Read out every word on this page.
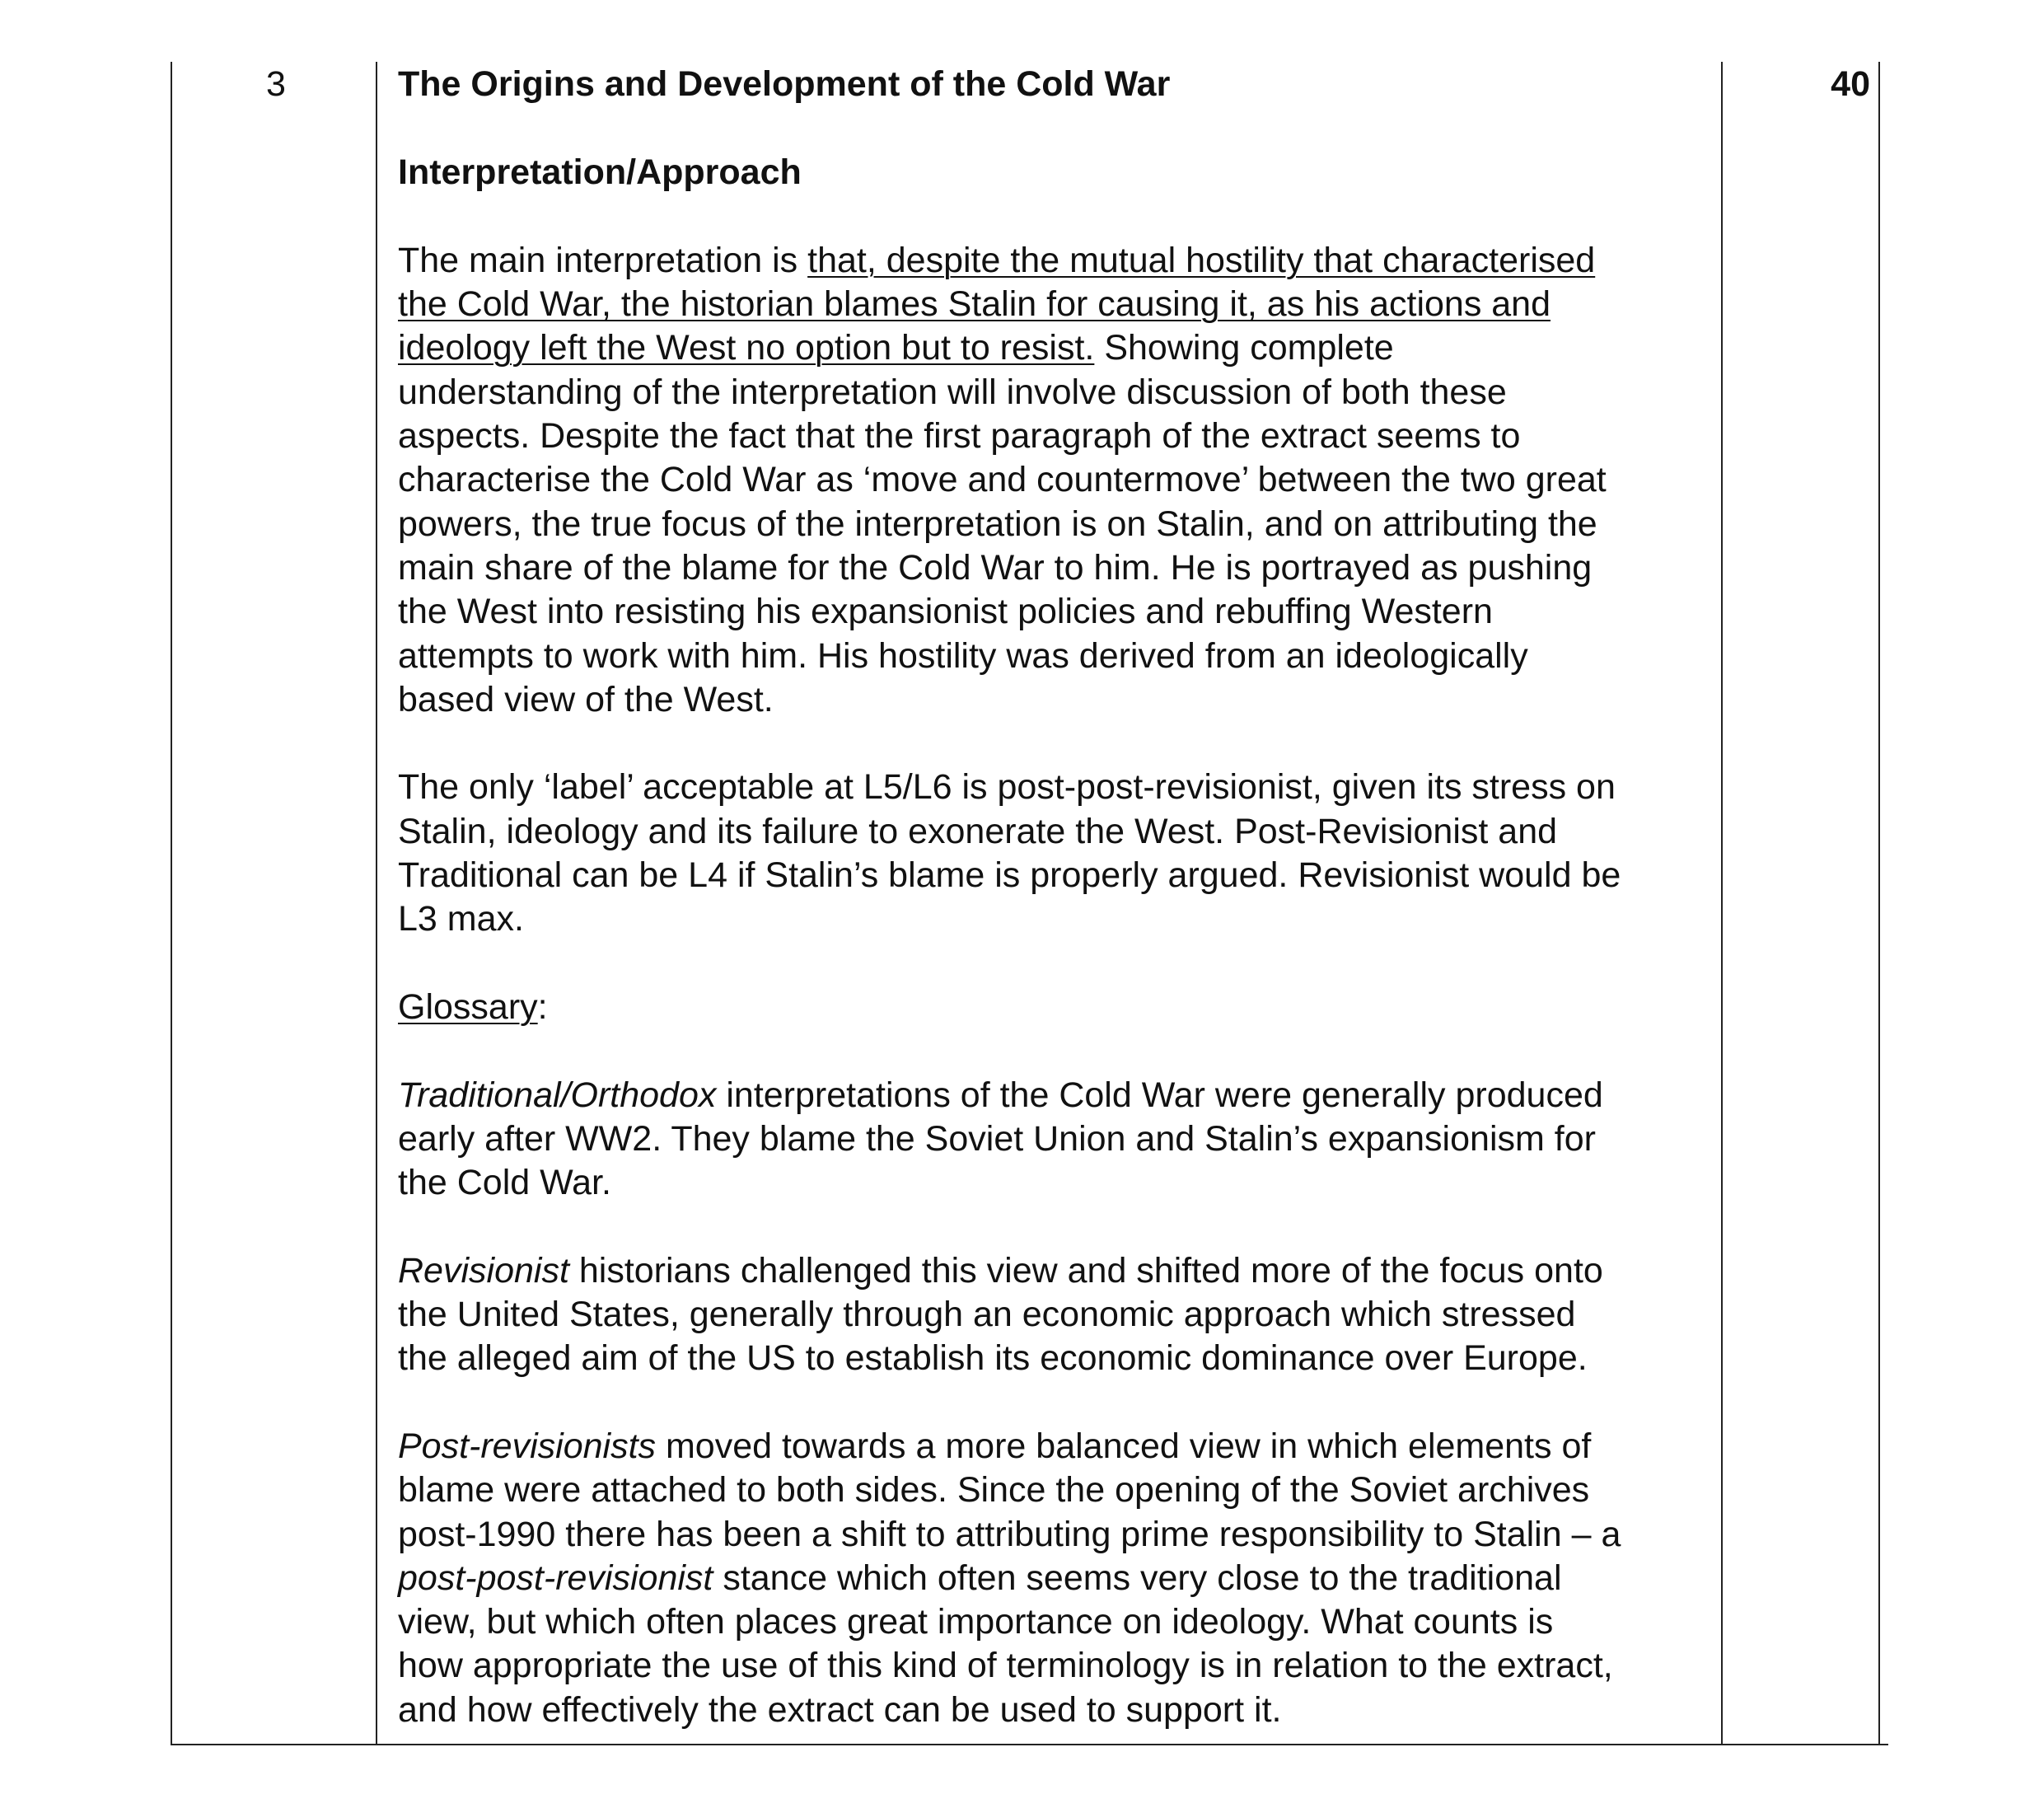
3	40

The Origins and Development of the Cold War

Interpretation/Approach

The main interpretation is that, despite the mutual hostility that characterised
the Cold War, the historian blames Stalin for causing it, as his actions and
ideology left the West no option but to resist. Showing complete
understanding of the interpretation will involve discussion of both these
aspects. Despite the fact that the first paragraph of the extract seems to
characterise the Cold War as ‘move and countermove’ between the two great
powers, the true focus of the interpretation is on Stalin, and on attributing the
main share of the blame for the Cold War to him. He is portrayed as pushing
the West into resisting his expansionist policies and rebuffing Western
attempts to work with him. His hostility was derived from an ideologically
based view of the West.

The only ‘label’ acceptable at L5/L6 is post-post-revisionist, given its stress on
Stalin, ideology and its failure to exonerate the West. Post-Revisionist and
Traditional can be L4 if Stalin’s blame is properly argued. Revisionist would be
L3 max.

Glossary:

Traditional/Orthodox interpretations of the Cold War were generally produced
early after WW2. They blame the Soviet Union and Stalin’s expansionism for
the Cold War.

Revisionist historians challenged this view and shifted more of the focus onto
the United States, generally through an economic approach which stressed
the alleged aim of the US to establish its economic dominance over Europe.

Post-revisionists moved towards a more balanced view in which elements of
blame were attached to both sides. Since the opening of the Soviet archives
post-1990 there has been a shift to attributing prime responsibility to Stalin – a
post-post-revisionist stance which often seems very close to the traditional
view, but which often places great importance on ideology. What counts is
how appropriate the use of this kind of terminology is in relation to the extract,
and how effectively the extract can be used to support it.
